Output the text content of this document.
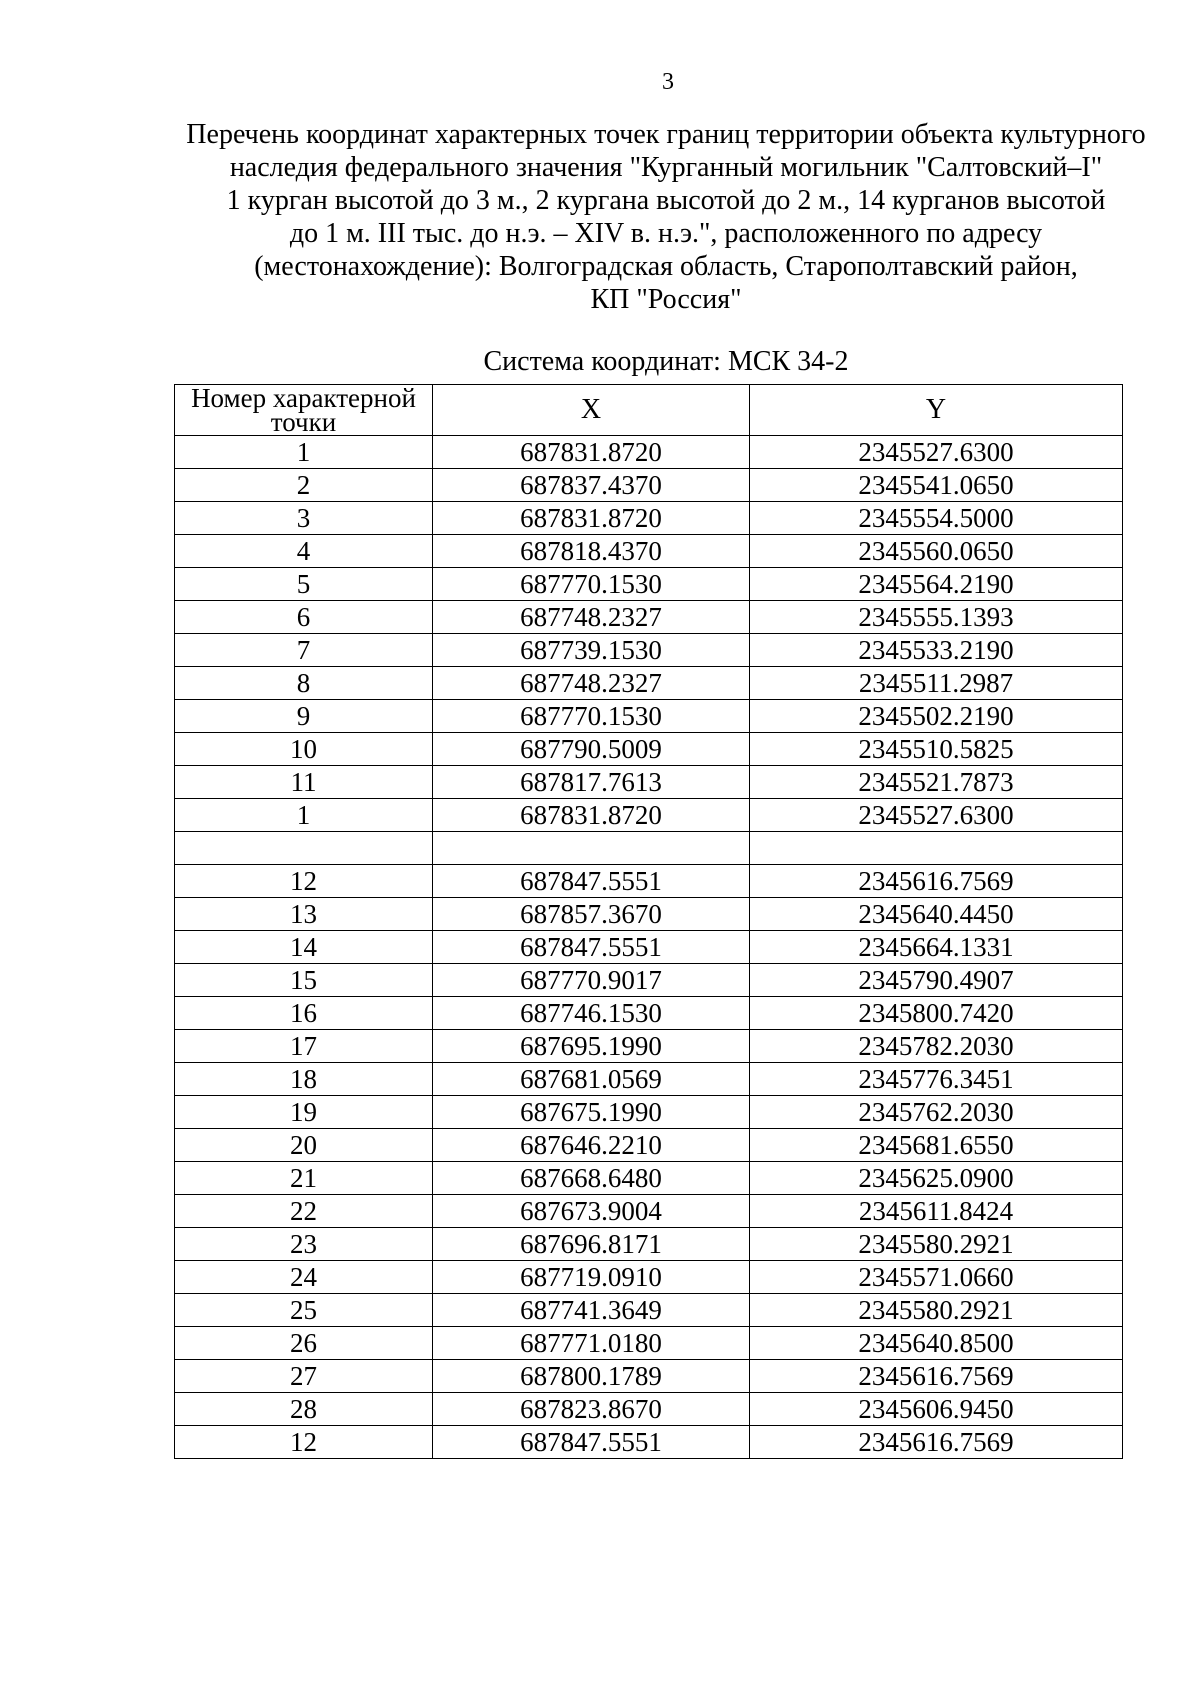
3
Перечень координат характерных точек границ территории объекта культурного
наследия федерального значения "Курганный могильник "Салтовский–I"
1 курган высотой до 3 м., 2 кургана высотой до 2 м., 14 курганов высотой
до 1 м. III тыс. до н.э. – XIV в. н.э.", расположенного по адресу
(местонахождение): Волгоградская область, Старополтавский район,
КП "Россия"
Система координат: МСК 34-2
Номер характерной
точки	X	Y
1	687831.8720	2345527.6300
2	687837.4370	2345541.0650
3	687831.8720	2345554.5000
4	687818.4370	2345560.0650
5	687770.1530	2345564.2190
6	687748.2327	2345555.1393
7	687739.1530	2345533.2190
8	687748.2327	2345511.2987
9	687770.1530	2345502.2190
10	687790.5009	2345510.5825
11	687817.7613	2345521.7873
1	687831.8720	2345527.6300

12	687847.5551	2345616.7569
13	687857.3670	2345640.4450
14	687847.5551	2345664.1331
15	687770.9017	2345790.4907
16	687746.1530	2345800.7420
17	687695.1990	2345782.2030
18	687681.0569	2345776.3451
19	687675.1990	2345762.2030
20	687646.2210	2345681.6550
21	687668.6480	2345625.0900
22	687673.9004	2345611.8424
23	687696.8171	2345580.2921
24	687719.0910	2345571.0660
25	687741.3649	2345580.2921
26	687771.0180	2345640.8500
27	687800.1789	2345616.7569
28	687823.8670	2345606.9450
12	687847.5551	2345616.7569
